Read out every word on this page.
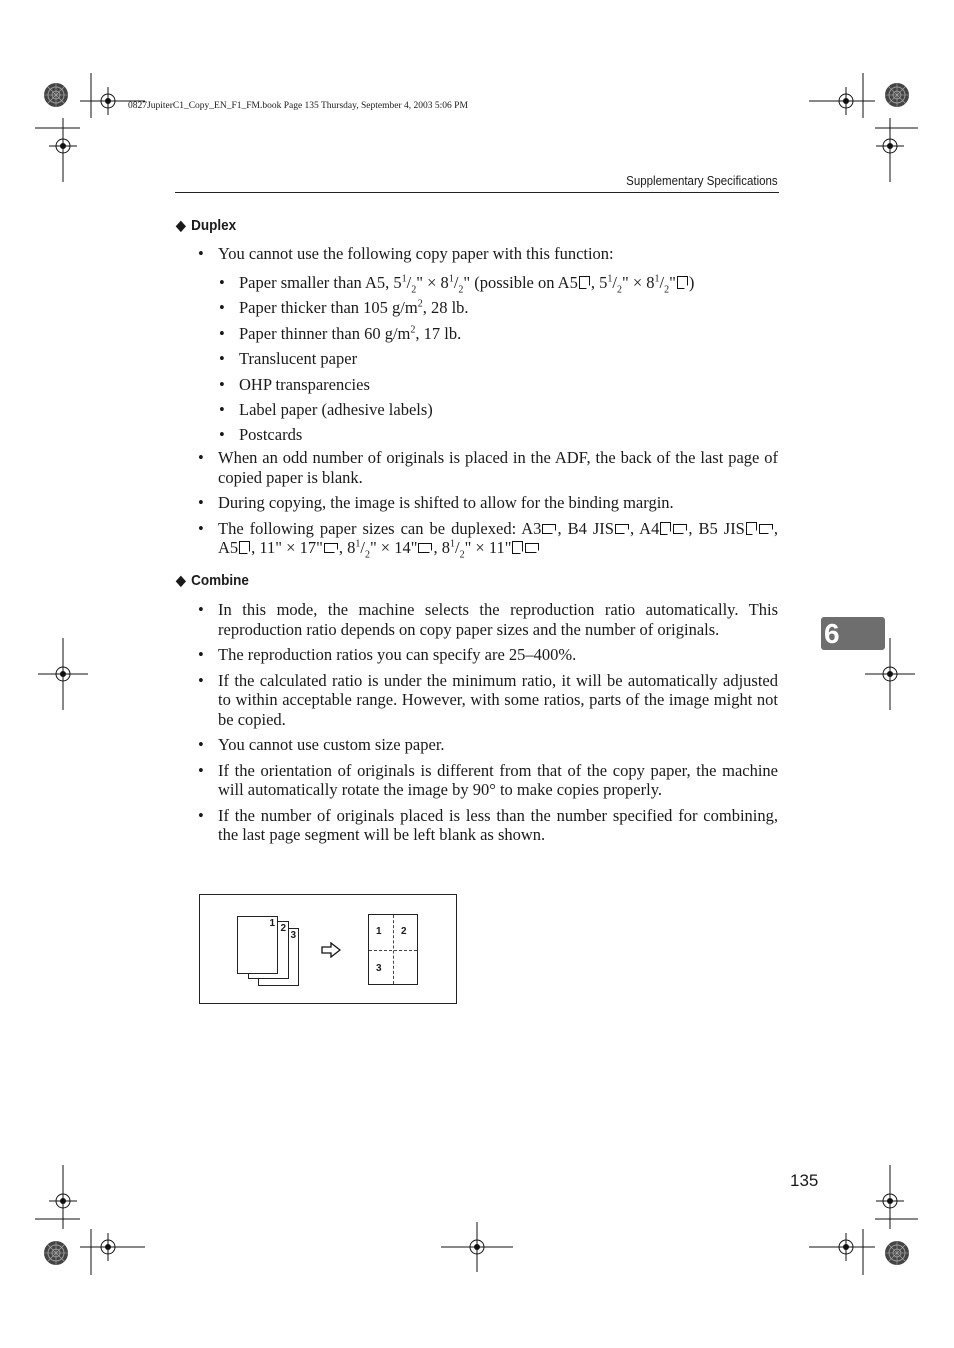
0827JupiterC1_Copy_EN_F1_FM.book Page 135 Thursday, September 4, 2003 5:06 PM
Supplementary Specifications
◆ Duplex
• You cannot use the following copy paper with this function:
• Paper smaller than A5, $5^1/_2$" × $8^1/_2$" (possible on A5 , $5^1/_2$" × $8^1/_2$" )
• Paper thicker than 105 $g/m^2$, 28 lb.
• Paper thinner than 60 $g/m^2$, 17 lb.
• Translucent paper
• OHP transparencies
• Label paper (adhesive labels)
• Postcards
• When an odd number of originals is placed in the ADF, the back of the last page of copied paper is blank.
• During copying, the image is shifted to allow for the binding margin.
• The following paper sizes can be duplexed: A3 , B4 JIS , A4 , B5 JIS , A5 , 11" × 17" , $8^1/_2$" × 14" , $8^1/_2$" × 11"
◆ Combine
• In this mode, the machine selects the reproduction ratio automatically. This reproduction ratio depends on copy paper sizes and the number of originals.
• The reproduction ratios you can specify are 25–400%.
• If the calculated ratio is under the minimum ratio, it will be automatically adjusted to within acceptable range. However, with some ratios, parts of the image might not be copied.
• You cannot use custom size paper.
• If the orientation of originals is different from that of the copy paper, the machine will automatically rotate the image by 90° to make copies properly.
• If the number of originals placed is less than the number specified for combining, the last page segment will be left blank as shown.
3
2
1
1 2
3
6
135
